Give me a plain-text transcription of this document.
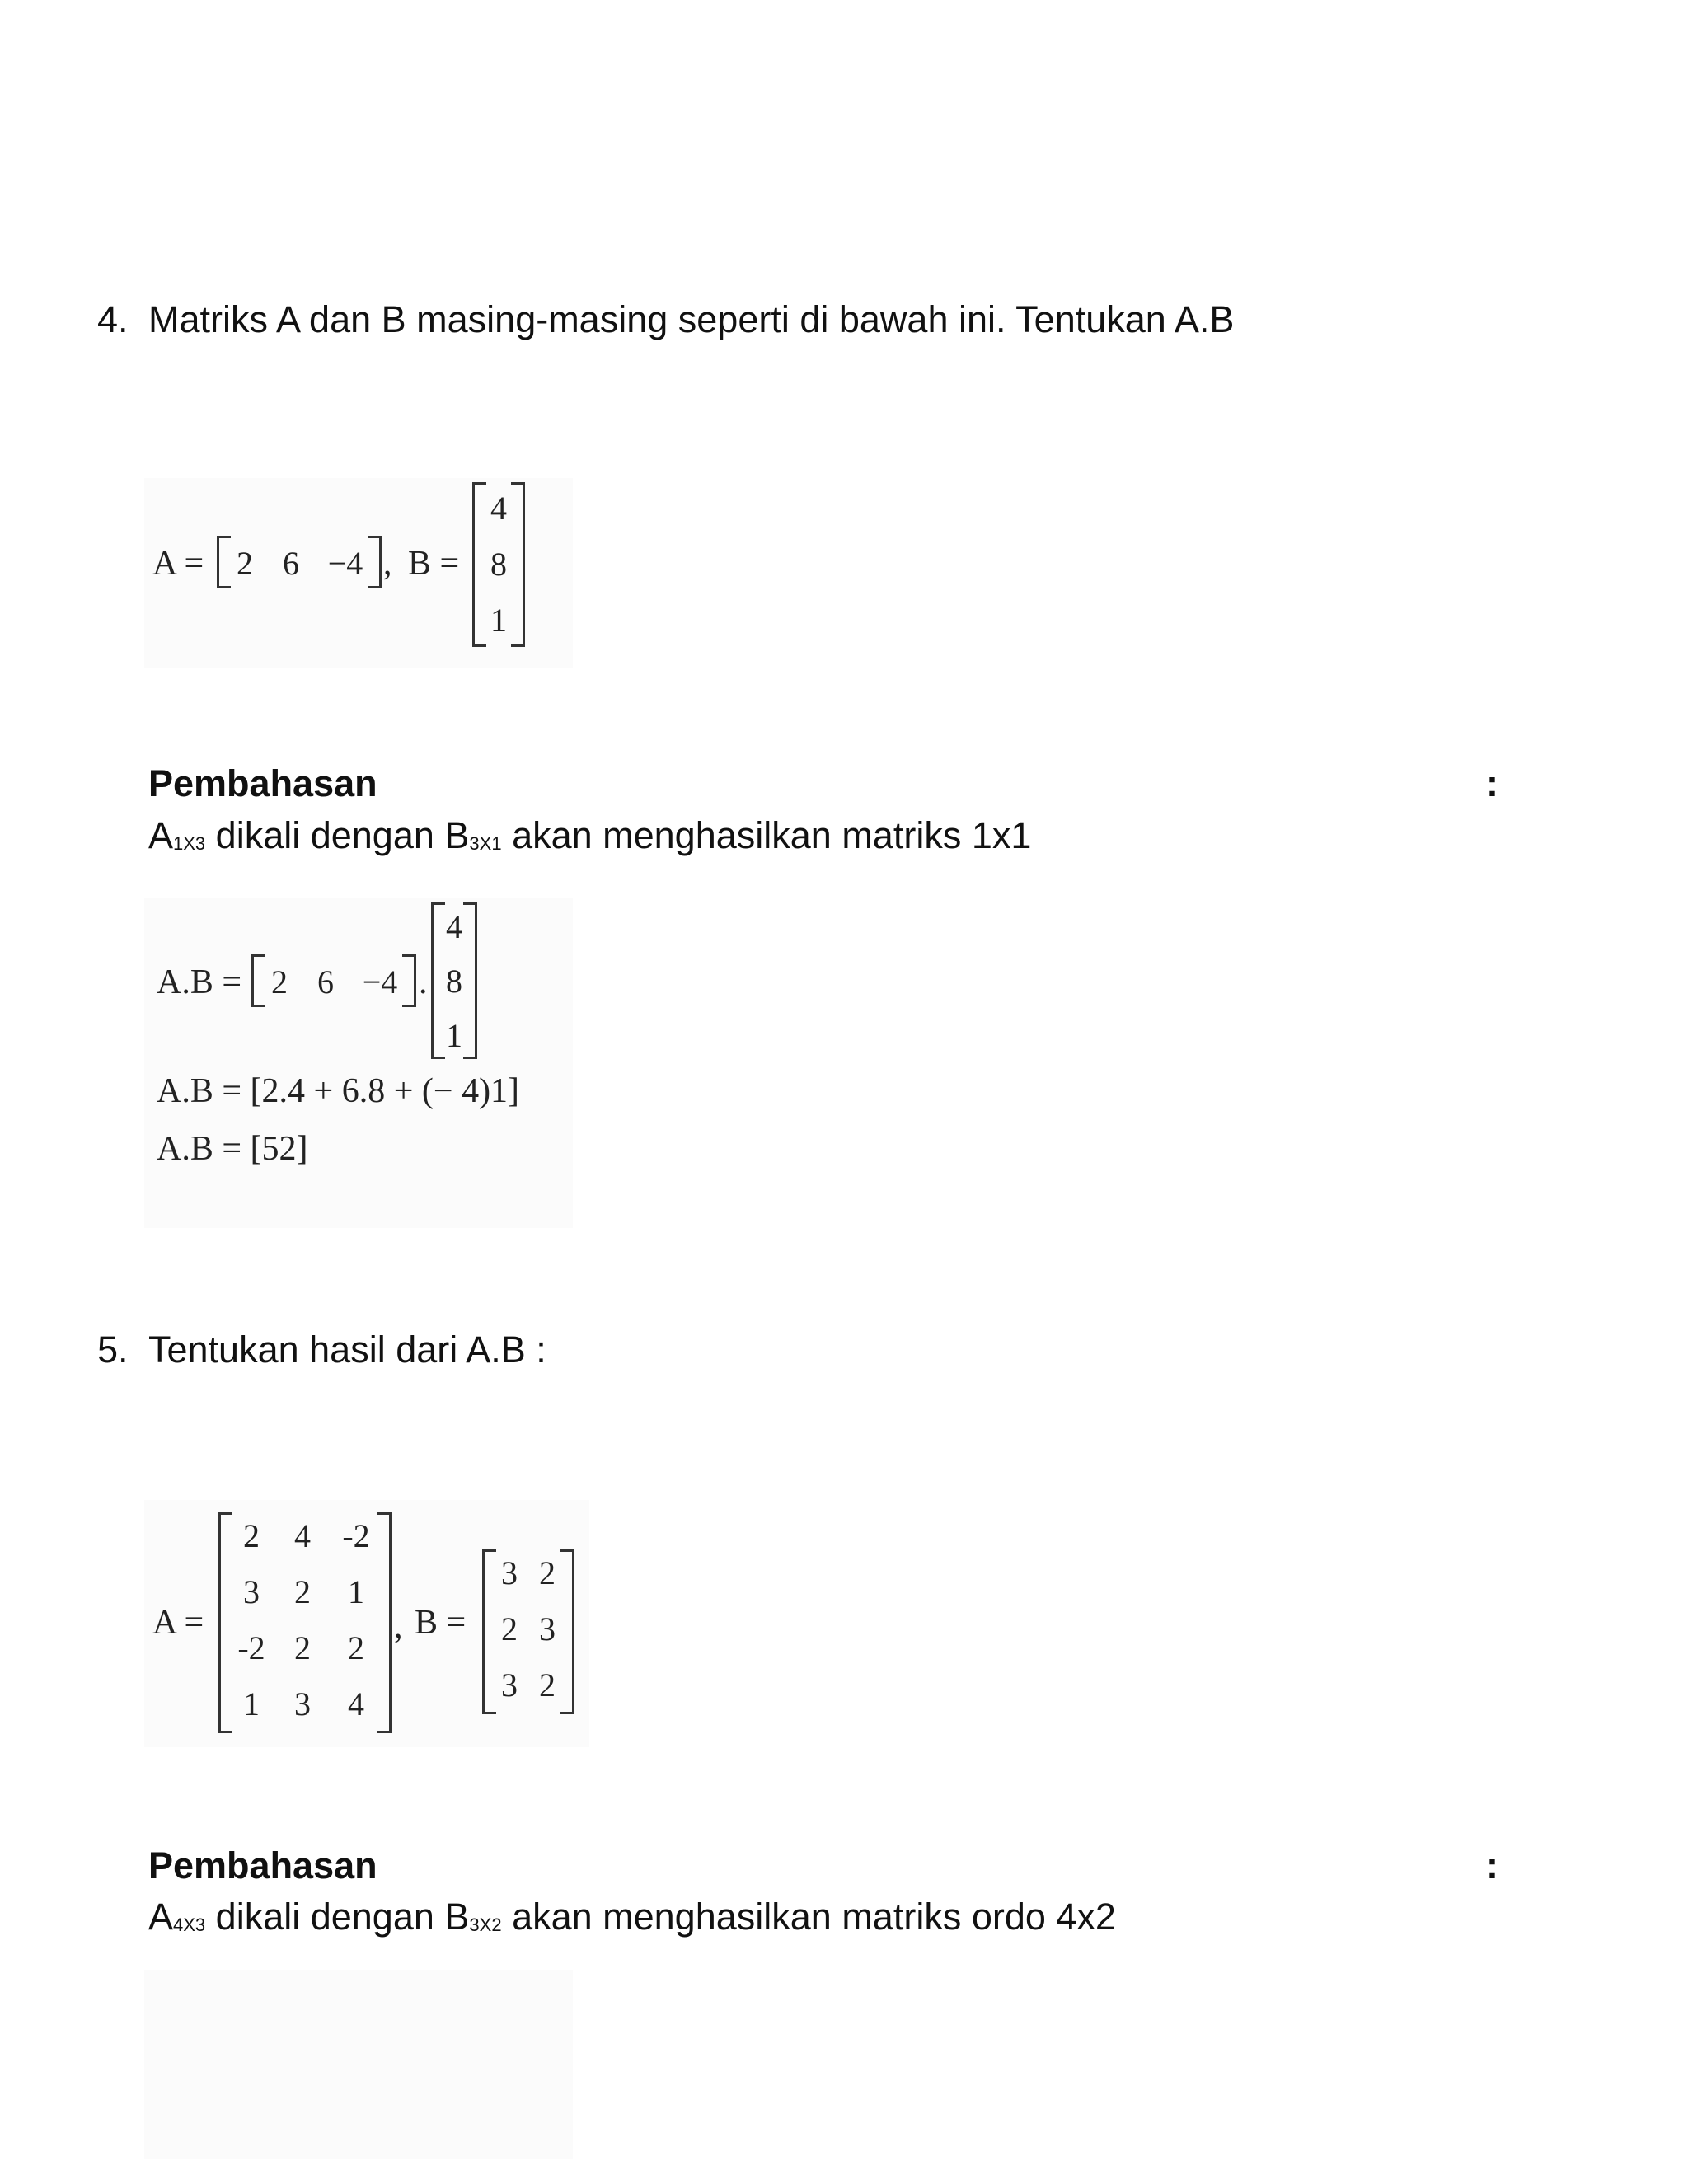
4. Matriks A dan B masing-masing seperti di bawah ini. Tentukan A.B
A = 2 6 −4 , B =
4
8
1
Pembahasan	:
$A_{1X3}$ dikali dengan $B_{3X1}$ akan menghasilkan matriks 1x1
A.B = 2 6 −4 .
4
8
1
A.B = [2.4 + 6.8 + (− 4)1]
A.B = [52]
5. Tentukan hasil dari A.B :
A =
2	4 -2
3	2	1
-2 2	2
1	3	4
, B =
3 2
2 3
3 2
Pembahasan	:
$A_{4X3}$ dikali dengan $B_{3X2}$ akan menghasilkan matriks ordo 4x2
